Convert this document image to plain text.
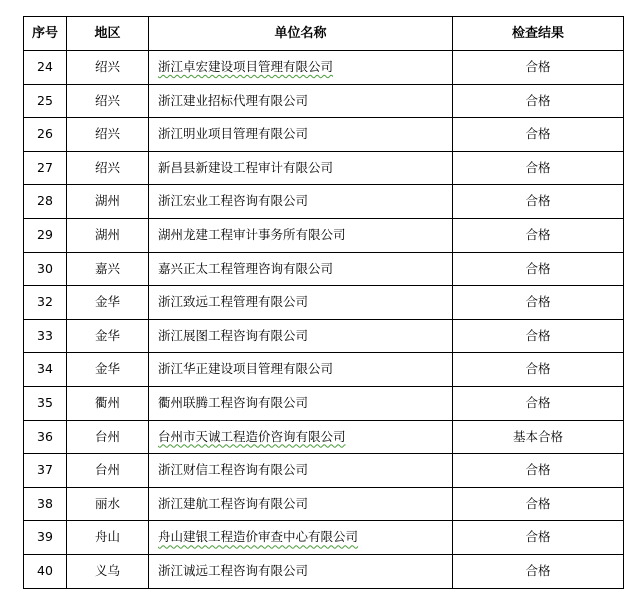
序号	地区	单位名称	检查结果
24	绍兴	浙江卓宏建设项目管理有限公司	合格
25	绍兴	浙江建业招标代理有限公司	合格
26	绍兴	浙江明业项目管理有限公司	合格
27	绍兴	新昌县新建设工程审计有限公司	合格
28	湖州	浙江宏业工程咨询有限公司	合格
29	湖州	湖州龙建工程审计事务所有限公司	合格
30	嘉兴	嘉兴正太工程管理咨询有限公司	合格
32	金华	浙江致远工程管理有限公司	合格
33	金华	浙江展图工程咨询有限公司	合格
34	金华	浙江华正建设项目管理有限公司	合格
35	衢州	衢州联腾工程咨询有限公司	合格
36	台州	台州市天诚工程造价咨询有限公司	基本合格
37	台州	浙江财信工程咨询有限公司	合格
38	丽水	浙江建航工程咨询有限公司	合格
39	舟山	舟山建银工程造价审查中心有限公司	合格
40	义乌	浙江诚远工程咨询有限公司	合格
